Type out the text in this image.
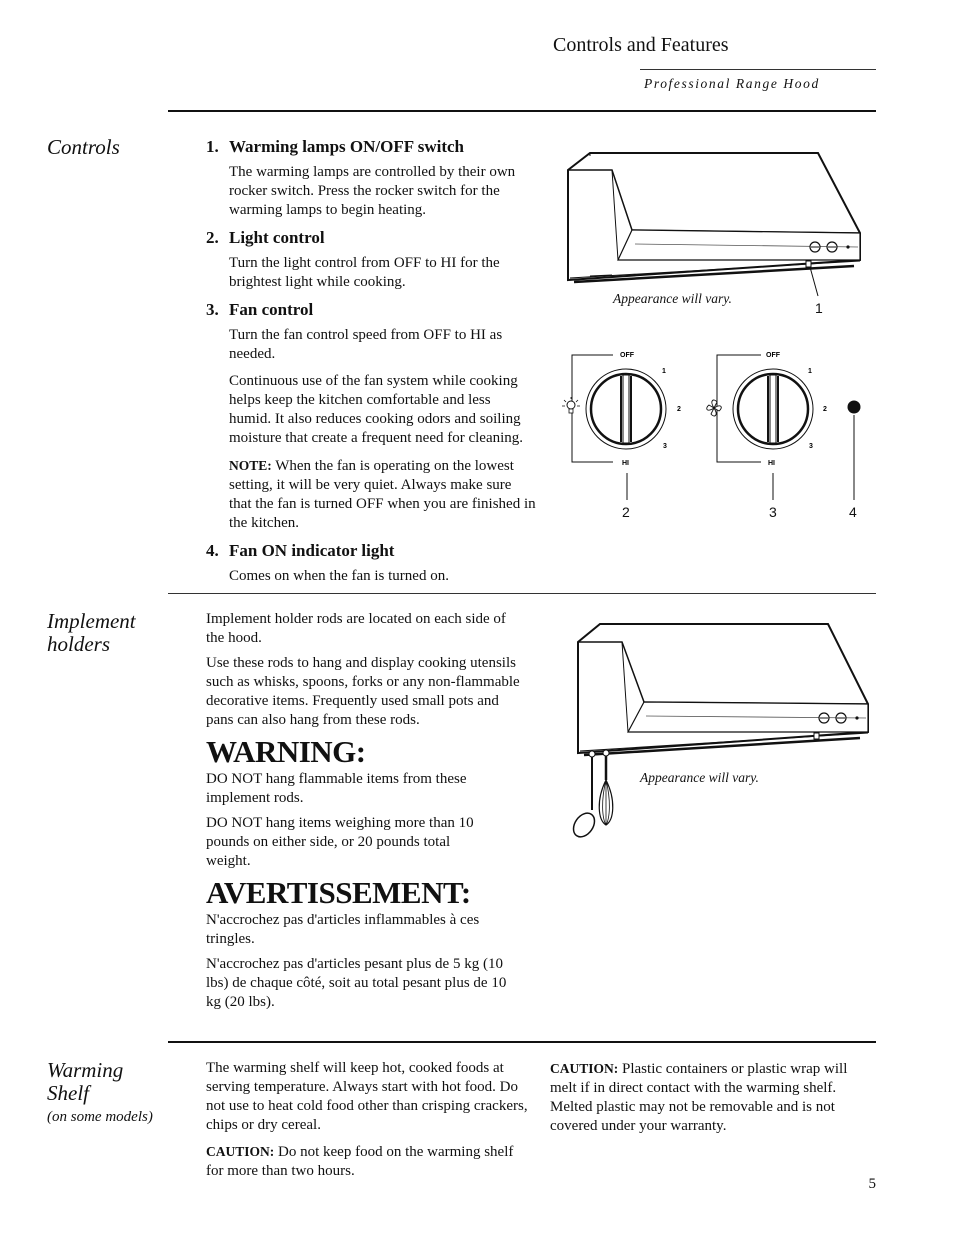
Controls and Features
Professional Range Hood
Controls	1. Warming lamps ON/OFF switch

The warming lamps are controlled by their own rocker switch. Press the rocker switch for the warming lamps to begin heating.

2. Light control

Turn the light control from OFF to HI for the brightest light while cooking.

3. Fan control

Turn the fan control speed from OFF to HI as needed.

Continuous use of the fan system while cooking helps keep the kitchen comfortable and less humid. It also reduces cooking odors and soiling moisture that create a frequent need for cleaning.

NOTE: When the fan is operating on the lowest setting, it will be very quiet. Always make sure that the fan is turned OFF when you are finished in the kitchen.

4. Fan ON indicator light

Comes on when the fan is turned on.

Appearance will vary.
1
OFF
1
2
3
HI
OFF
1
2
3
HI
2	3	4
Implement
holders

Implement holder rods are located on each side of the hood.

Use these rods to hang and display cooking utensils such as whisks, spoons, forks or any non-flammable decorative items. Frequently used small pots and pans can also hang from these rods.

WARNING:

DO NOT hang flammable items from these implement rods.

DO NOT hang items weighing more than 10 pounds on either side, or 20 pounds total weight.

AVERTISSEMENT:

N'accrochez pas d'articles inflammables à ces tringles.

N'accrochez pas d'articles pesant plus de 5 kg (10 lbs) de chaque côté, soit au total pesant plus de 10 kg (20 lbs).

Appearance will vary.
Warming
Shelf
(on some models)

The warming shelf will keep hot, cooked foods at serving temperature. Always start with hot food. Do not use to heat cold food other than crisping crackers, chips or dry cereal.

CAUTION: Do not keep food on the warming shelf for more than two hours.

CAUTION: Plastic containers or plastic wrap will melt if in direct contact with the warming shelf. Melted plastic may not be removable and is not covered under your warranty.

5
